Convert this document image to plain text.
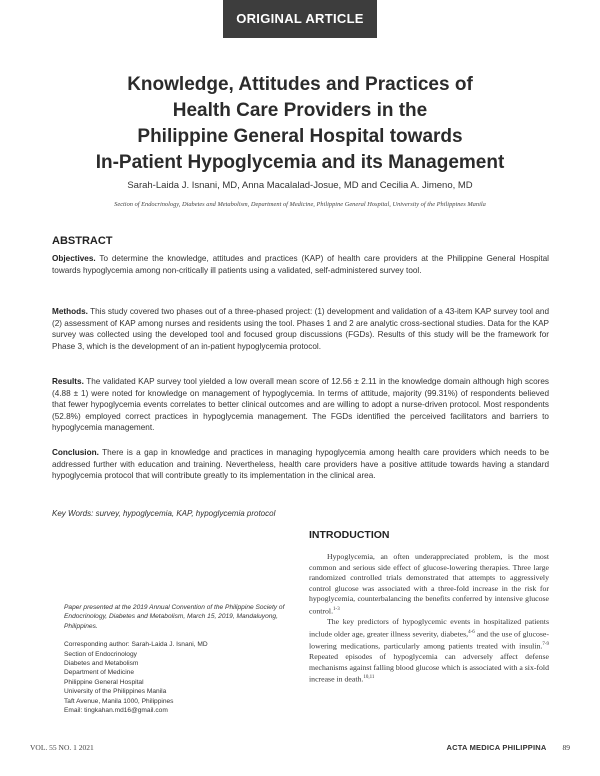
ORIGINAL ARTICLE
Knowledge, Attitudes and Practices of
Health Care Providers in the
Philippine General Hospital towards
In-Patient Hypoglycemia and its Management
Sarah-Laida J. Isnani, MD, Anna Macalalad-Josue, MD and Cecilia A. Jimeno, MD
Section of Endocrinology, Diabetes and Metabolism, Department of Medicine, Philippine General Hospital, University of the Philippines Manila
ABSTRACT

Objectives. To determine the knowledge, attitudes and practices (KAP) of health care providers at the Philippine General Hospital towards hypoglycemia among non-critically ill patients using a validated, self-administered survey tool.

Methods. This study covered two phases out of a three-phased project: (1) development and validation of a 43-item KAP survey tool and (2) assessment of KAP among nurses and residents using the tool. Phases 1 and 2 are analytic cross-sectional studies. Data for the KAP survey was collected using the developed tool and focused group discussions (FGDs). Results of this study will be the framework for Phase 3, which is the development of an in-patient hypoglycemia protocol.

Results. The validated KAP survey tool yielded a low overall mean score of 12.56 ± 2.11 in the knowledge domain although high scores (4.88 ± 1) were noted for knowledge on management of hypoglycemia. In terms of attitude, majority (99.31%) of respondents believed that fewer hypoglycemia events correlates to better clinical outcomes and are willing to adopt a nurse-driven protocol. Most respondents (52.8%) employed correct practices in hypoglycemia management. The FGDs identified the perceived facilitators and barriers to hypoglycemia management.

Conclusion. There is a gap in knowledge and practices in managing hypoglycemia among health care providers which needs to be addressed further with education and training. Nevertheless, health care providers have a positive attitude towards having a standard hypoglycemia protocol that will contribute greatly to its implementation in the clinical area.

Key Words: survey, hypoglycemia, KAP, hypoglycemia protocol
Paper presented at the 2019 Annual Convention of the Philippine Society of Endocrinology, Diabetes and Metabolism, March 15, 2019, Mandaluyong, Philippines.
Corresponding author: Sarah-Laida J. Isnani, MD
Section of Endocrinology
Diabetes and Metabolism
Department of Medicine
Philippine General Hospital
University of the Philippines Manila
Taft Avenue, Manila 1000, Philippines
Email: tingkahan.md16@gmail.com
INTRODUCTION

Hypoglycemia, an often underappreciated problem, is the most common and serious side effect of glucose-lowering therapies. Three large randomized controlled trials demonstrated that attempts to aggressively control glucose was associated with a three-fold increase in the risk for hypoglycemia, counterbalancing the benefits conferred by intensive glucose control.$^{1-3}$

The key predictors of hypoglycemic events in hospitalized patients include older age, greater illness severity, diabetes,$^{4-6}$ and the use of glucose-lowering medications, particularly among patients treated with insulin.$^{7-9}$ Repeated episodes of hypoglycemia can adversely affect defense mechanisms against falling blood glucose which is associated with a six-fold increase in death.$^{10,11}$

VOL. 55 NO. 1 2021	ACTA MEDICA PHILIPPINA 89
